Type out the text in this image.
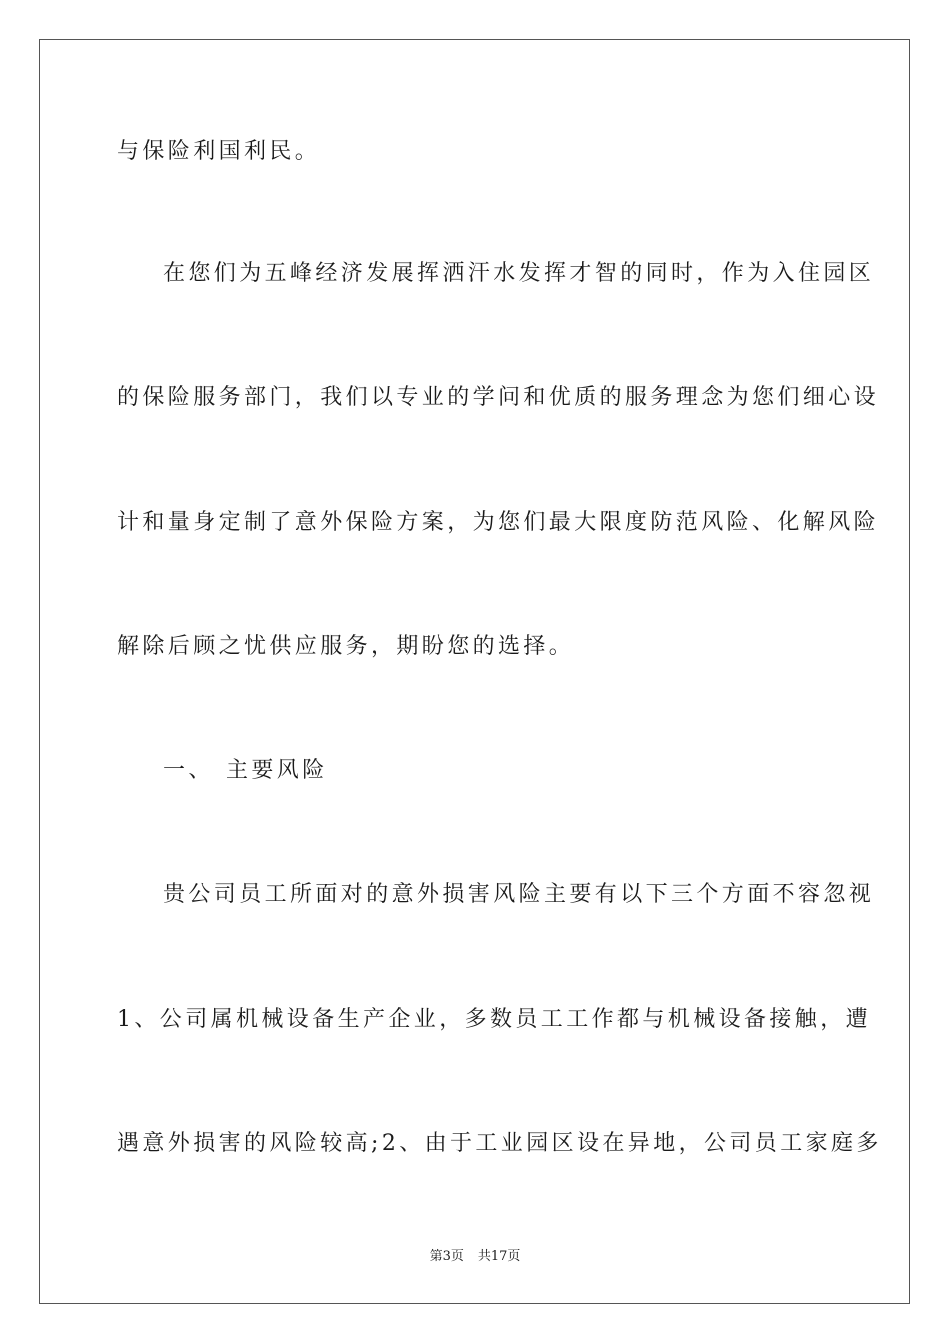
与保险利国利民。
在您们为五峰经济发展挥洒汗水发挥才智的同时，作为入住园区
的保险服务部门，我们以专业的学问和优质的服务理念为您们细心设
计和量身定制了意外保险方案，为您们最大限度防范风险、化解风险
解除后顾之忧供应服务，期盼您的选择。
一、 主要风险
贵公司员工所面对的意外损害风险主要有以下三个方面不容忽视
1、公司属机械设备生产企业，多数员工工作都与机械设备接触，遭
遇意外损害的风险较高;2、由于工业园区设在异地，公司员工家庭多
第3页 共17页
